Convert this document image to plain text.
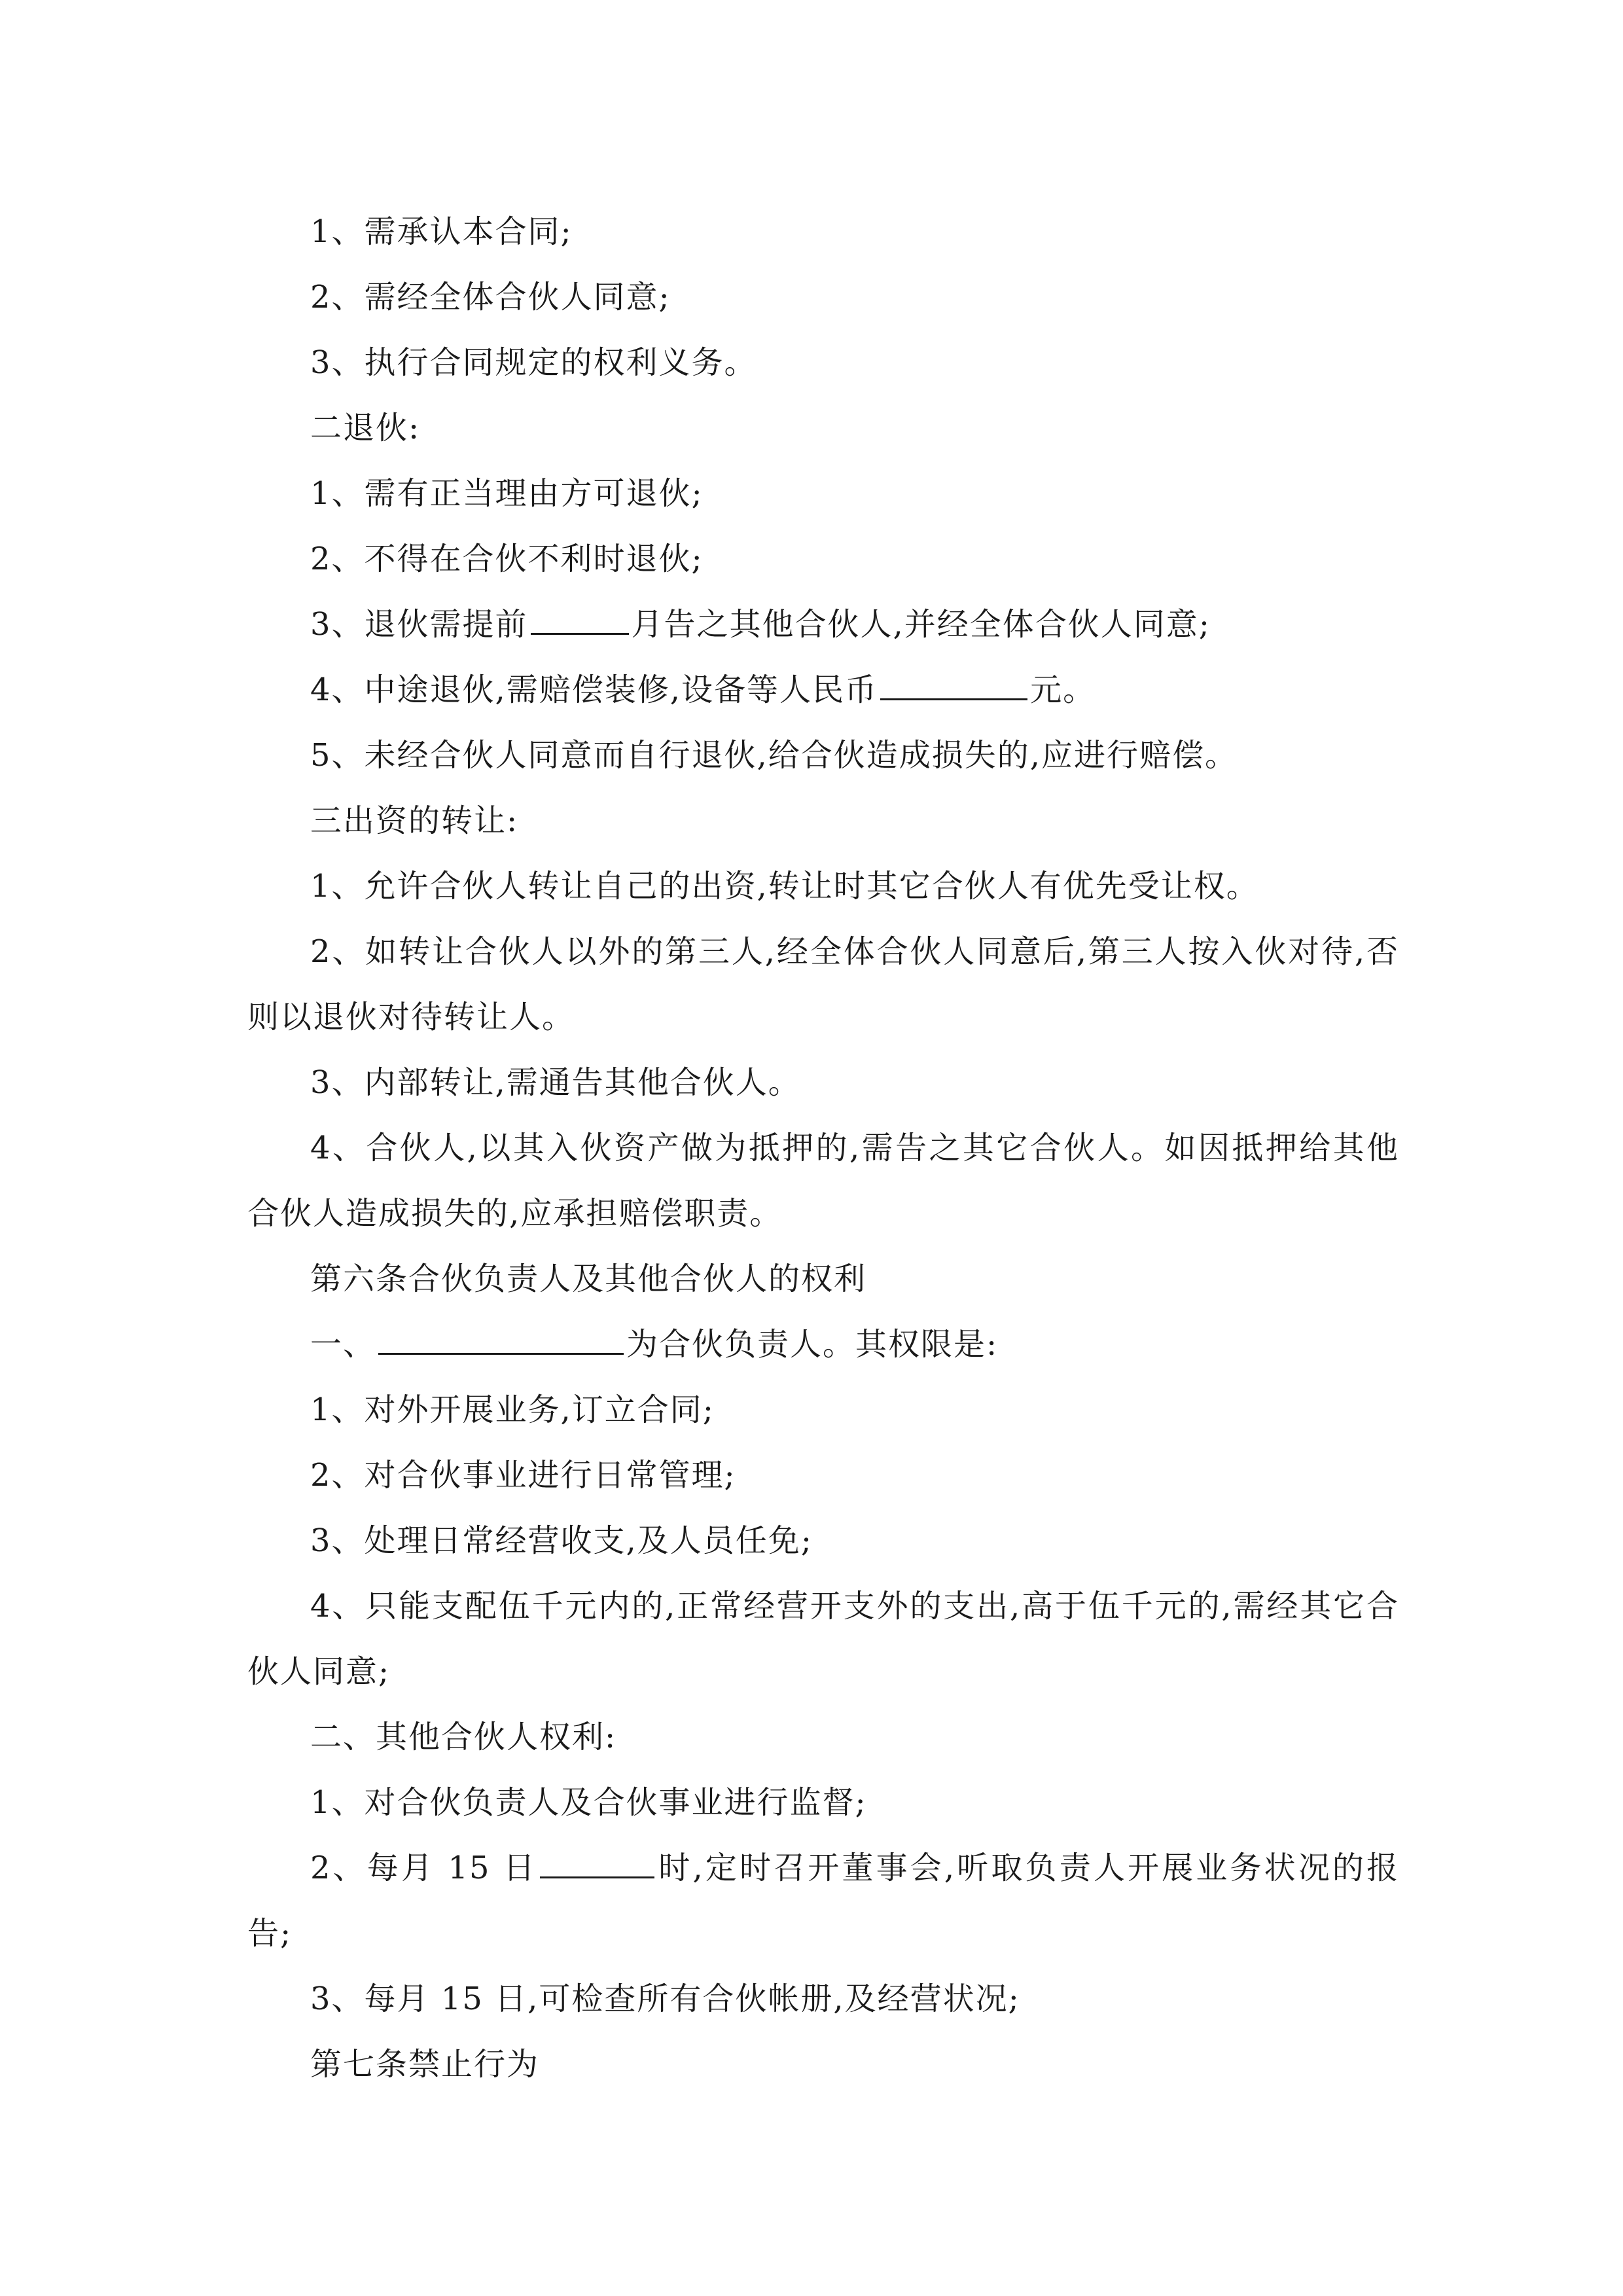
1、需承认本合同;

2、需经全体合伙人同意;

3、执行合同规定的权利义务。

二退伙:

1、需有正当理由方可退伙;

2、不得在合伙不利时退伙;

3、退伙需提前	月告之其他合伙人,并经全体合伙人同意;

4、中途退伙,需赔偿装修,设备等人民币	元。

5、未经合伙人同意而自行退伙,给合伙造成损失的,应进行赔偿。

三出资的转让:

1、允许合伙人转让自己的出资,转让时其它合伙人有优先受让权。

2、如转让合伙人以外的第三人,经全体合伙人同意后,第三人按入伙对待,否则以退伙对待转让人。

3、内部转让,需通告其他合伙人。

4、合伙人,以其入伙资产做为抵押的,需告之其它合伙人。如因抵押给其他合伙人造成损失的,应承担赔偿职责。

第六条合伙负责人及其他合伙人的权利

一、	为合伙负责人。其权限是:

1、对外开展业务,订立合同;

2、对合伙事业进行日常管理;

3、处理日常经营收支,及人员任免;

4、只能支配伍千元内的,正常经营开支外的支出,高于伍千元的,需经其它合伙人同意;

二、其他合伙人权利:

1、对合伙负责人及合伙事业进行监督;

2、每月 15 日	时,定时召开董事会,听取负责人开展业务状况的报告;

3、每月 15 日,可检查所有合伙帐册,及经营状况;

第七条禁止行为
